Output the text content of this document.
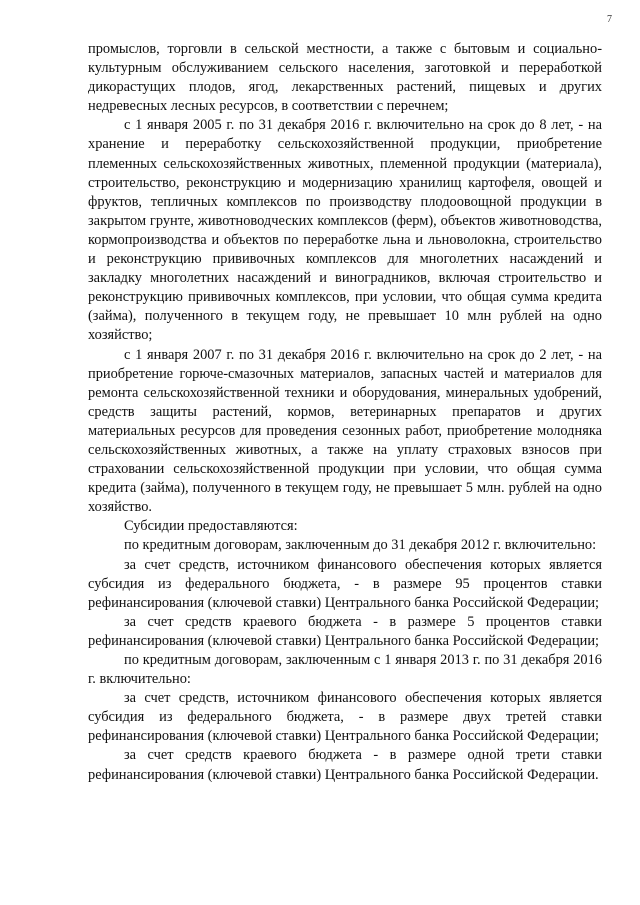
7

промыслов, торговли в сельской местности, а также с бытовым и социально-культурным обслуживанием сельского населения, заготовкой и переработкой дикорастущих плодов, ягод, лекарственных растений, пищевых и других недревесных лесных ресурсов, в соответствии с перечнем;

с 1 января 2005 г. по 31 декабря 2016 г. включительно на срок до 8 лет, - на хранение и переработку сельскохозяйственной продукции, приобретение племенных сельскохозяйственных животных, племенной продукции (материала), строительство, реконструкцию и модернизацию хранилищ картофеля, овощей и фруктов, тепличных комплексов по производству плодоовощной продукции в закрытом грунте, животноводческих комплексов (ферм), объектов животноводства, кормопроизводства и объектов по переработке льна и льноволокна, строительство и реконструкцию прививочных комплексов для многолетних насаждений и закладку многолетних насаждений и виноградников, включая строительство и реконструкцию прививочных комплексов, при условии, что общая сумма кредита (займа), полученного в текущем году, не превышает 10 млн рублей на одно хозяйство;

с 1 января 2007 г. по 31 декабря 2016 г. включительно на срок до 2 лет, - на приобретение горюче-смазочных материалов, запасных частей и материалов для ремонта сельскохозяйственной техники и оборудования, минеральных удобрений, средств защиты растений, кормов, ветеринарных препаратов и других материальных ресурсов для проведения сезонных работ, приобретение молодняка сельскохозяйственных животных, а также на уплату страховых взносов при страховании сельскохозяйственной продукции при условии, что общая сумма кредита (займа), полученного в текущем году, не превышает 5 млн. рублей на одно хозяйство.

Субсидии предоставляются:

по кредитным договорам, заключенным до 31 декабря 2012 г. включительно:

за счет средств, источником финансового обеспечения которых является субсидия из федерального бюджета, - в размере 95 процентов ставки рефинансирования (ключевой ставки) Центрального банка Российской Федерации;

за счет средств краевого бюджета - в размере 5 процентов ставки рефинансирования (ключевой ставки) Центрального банка Российской Федерации;

по кредитным договорам, заключенным с 1 января 2013 г. по 31 декабря 2016 г. включительно:

за счет средств, источником финансового обеспечения которых является субсидия из федерального бюджета, - в размере двух третей ставки рефинансирования (ключевой ставки) Центрального банка Российской Федерации;

за счет средств краевого бюджета - в размере одной трети ставки рефинансирования (ключевой ставки) Центрального банка Российской Федерации.
